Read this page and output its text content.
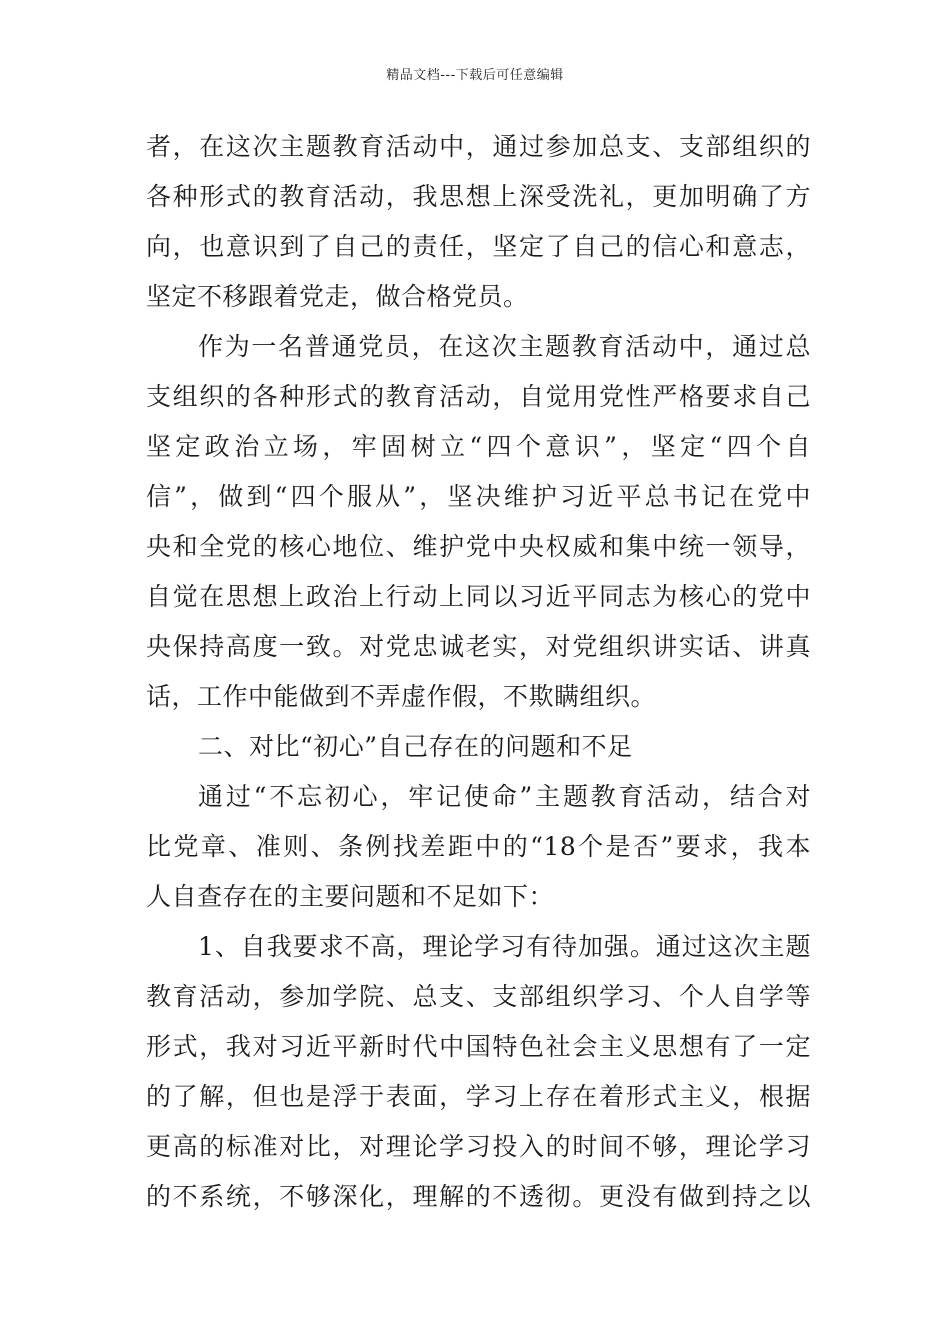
精品文档---下载后可任意编辑
者，在这次主题教育活动中，通过参加总支、支部组织的
各种形式的教育活动，我思想上深受洗礼，更加明确了方
向，也意识到了自己的责任，坚定了自己的信心和意志，
坚定不移跟着党走，做合格党员。
作为一名普通党员，在这次主题教育活动中，通过总
支组织的各种形式的教育活动，自觉用党性严格要求自己
坚定政治立场，牢固树立“四个意识”，坚定“四个自
信”，做到“四个服从”，坚决维护习近平总书记在党中
央和全党的核心地位、维护党中央权威和集中统一领导，
自觉在思想上政治上行动上同以习近平同志为核心的党中
央保持高度一致。对党忠诚老实，对党组织讲实话、讲真
话，工作中能做到不弄虚作假，不欺瞒组织。
二、对比“初心”自己存在的问题和不足
通过“不忘初心，牢记使命”主题教育活动，结合对
比党章、准则、条例找差距中的“18个是否”要求，我本
人自查存在的主要问题和不足如下：
1、自我要求不高，理论学习有待加强。通过这次主题
教育活动，参加学院、总支、支部组织学习、个人自学等
形式，我对习近平新时代中国特色社会主义思想有了一定
的了解，但也是浮于表面，学习上存在着形式主义，根据
更高的标准对比，对理论学习投入的时间不够，理论学习
的不系统，不够深化，理解的不透彻。更没有做到持之以
